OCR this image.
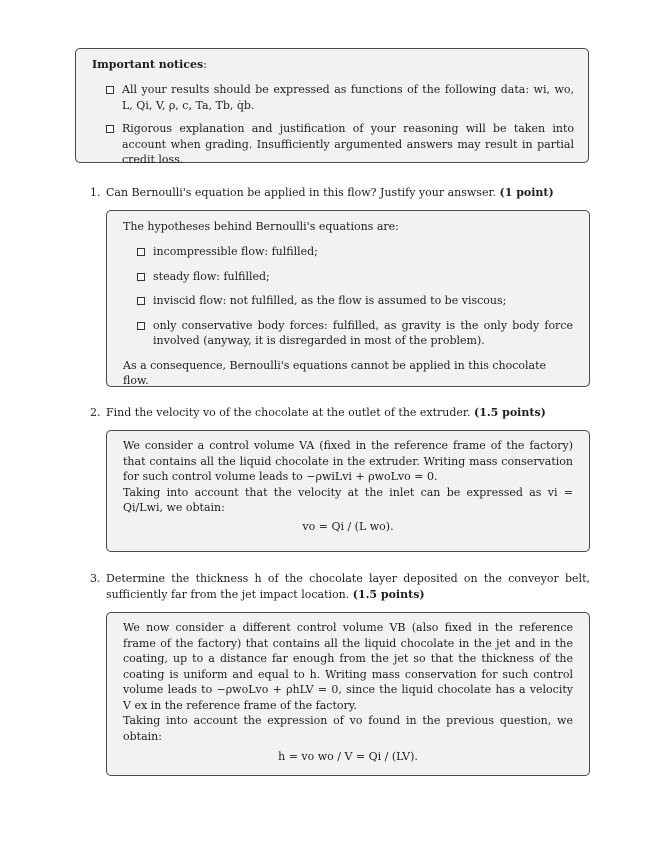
Important notices:

All your results should be expressed as functions of the following data: wi, wo, L, Qi, V, ρ, c, Ta, Tb, q̇b.
Rigorous explanation and justification of your reasoning will be taken into account when grading. Insufficiently argumented answers may result in partial credit loss.
1. Can Bernoulli's equation be applied in this flow? Justify your answser. (1 point)

The hypotheses behind Bernoulli's equations are:

incompressible flow: fulfilled;
steady flow: fulfilled;
inviscid flow: not fulfilled, as the flow is assumed to be viscous;
only conservative body forces: fulfilled, as gravity is the only body force involved (anyway, it is disregarded in most of the problem).

As a consequence, Bernoulli's equations cannot be applied in this chocolate flow.

2. Find the velocity vo of the chocolate at the outlet of the extruder. (1.5 points)

We consider a control volume VA (fixed in the reference frame of the factory) that contains all the liquid chocolate in the extruder. Writing mass conservation for such control volume leads to −ρwiLvi + ρwoLvo = 0.

Taking into account that the velocity at the inlet can be expressed as vi = Qi/Lwi, we obtain:

vo = Qi / (L wo).

3. Determine the thickness h of the chocolate layer deposited on the conveyor belt, sufficiently far from the jet impact location. (1.5 points)

We now consider a different control volume VB (also fixed in the reference frame of the factory) that contains all the liquid chocolate in the jet and in the coating, up to a distance far enough from the jet so that the thickness of the coating is uniform and equal to h. Writing mass conservation for such control volume leads to −ρwoLvo + ρhLV = 0, since the liquid chocolate has a velocity V ex in the reference frame of the factory.

Taking into account the expression of vo found in the previous question, we obtain:

h = vo wo / V = Qi / (LV).
